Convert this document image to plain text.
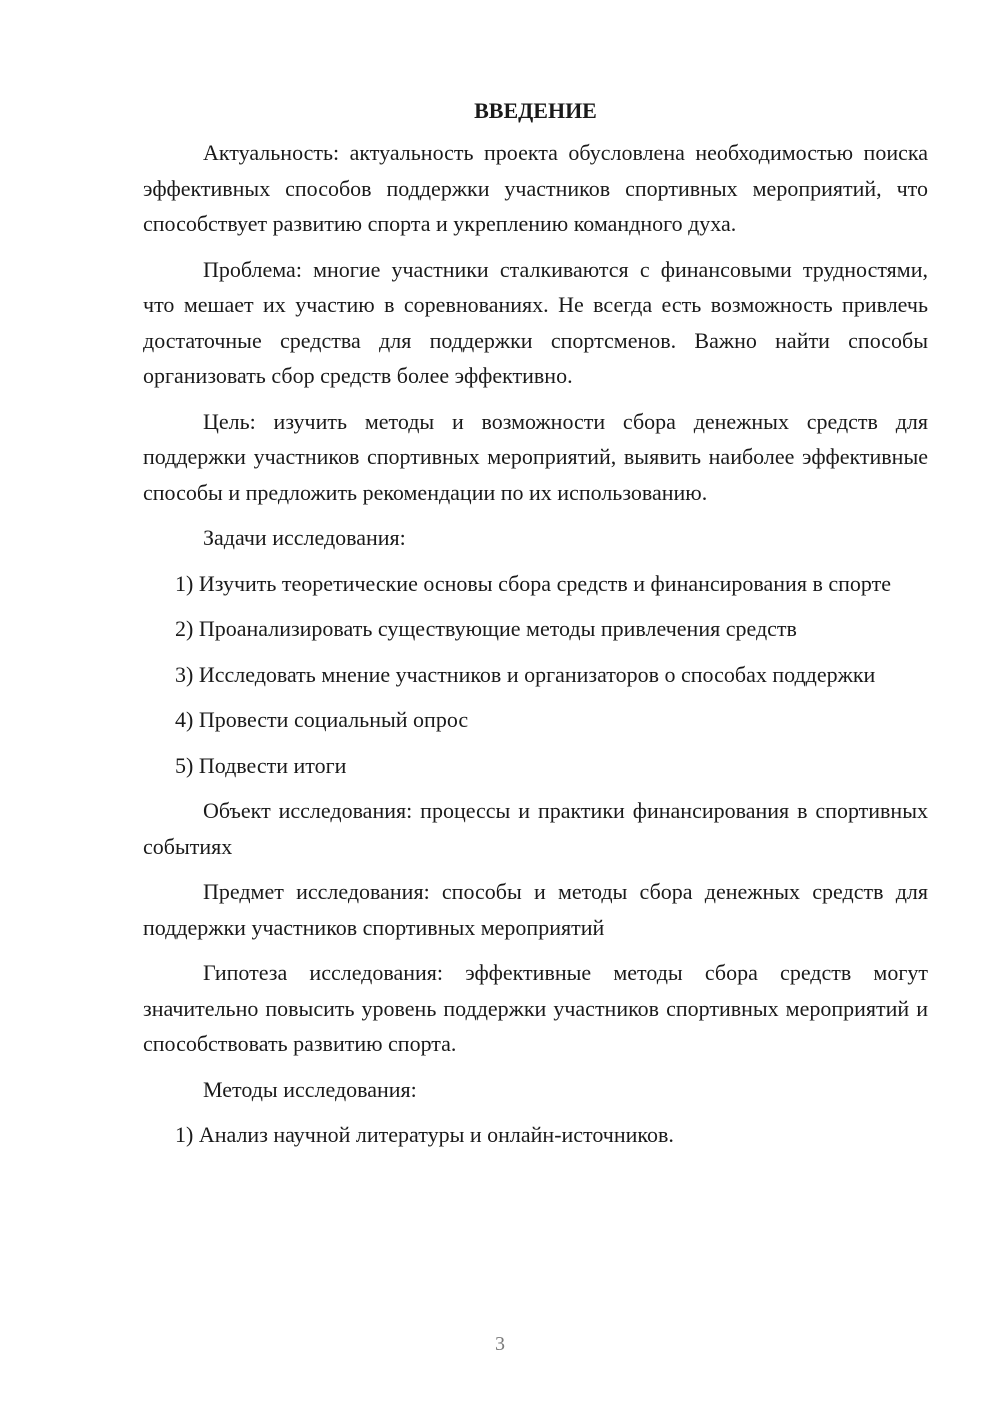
ВВЕДЕНИЕ

Актуальность: актуальность проекта обусловлена необходимостью поиска эффективных способов поддержки участников спортивных мероприятий, что способствует развитию спорта и укреплению командного духа.

Проблема: многие участники сталкиваются с финансовыми трудностями, что мешает их участию в соревнованиях. Не всегда есть возможность привлечь достаточные средства для поддержки спортсменов. Важно найти способы организовать сбор средств более эффективно.

Цель: изучить методы и возможности сбора денежных средств для поддержки участников спортивных мероприятий, выявить наиболее эффективные способы и предложить рекомендации по их использованию.

Задачи исследования:

1) Изучить теоретические основы сбора средств и финансирования в спорте

2) Проанализировать существующие методы привлечения средств

3) Исследовать мнение участников и организаторов о способах поддержки

4) Провести социальный опрос

5) Подвести итоги

Объект исследования: процессы и практики финансирования в спортивных событиях

Предмет исследования: способы и методы сбора денежных средств для поддержки участников спортивных мероприятий

Гипотеза исследования: эффективные методы сбора средств могут значительно повысить уровень поддержки участников спортивных мероприятий и способствовать развитию спорта.

Методы исследования:

1) Анализ научной литературы и онлайн-источников.

3
